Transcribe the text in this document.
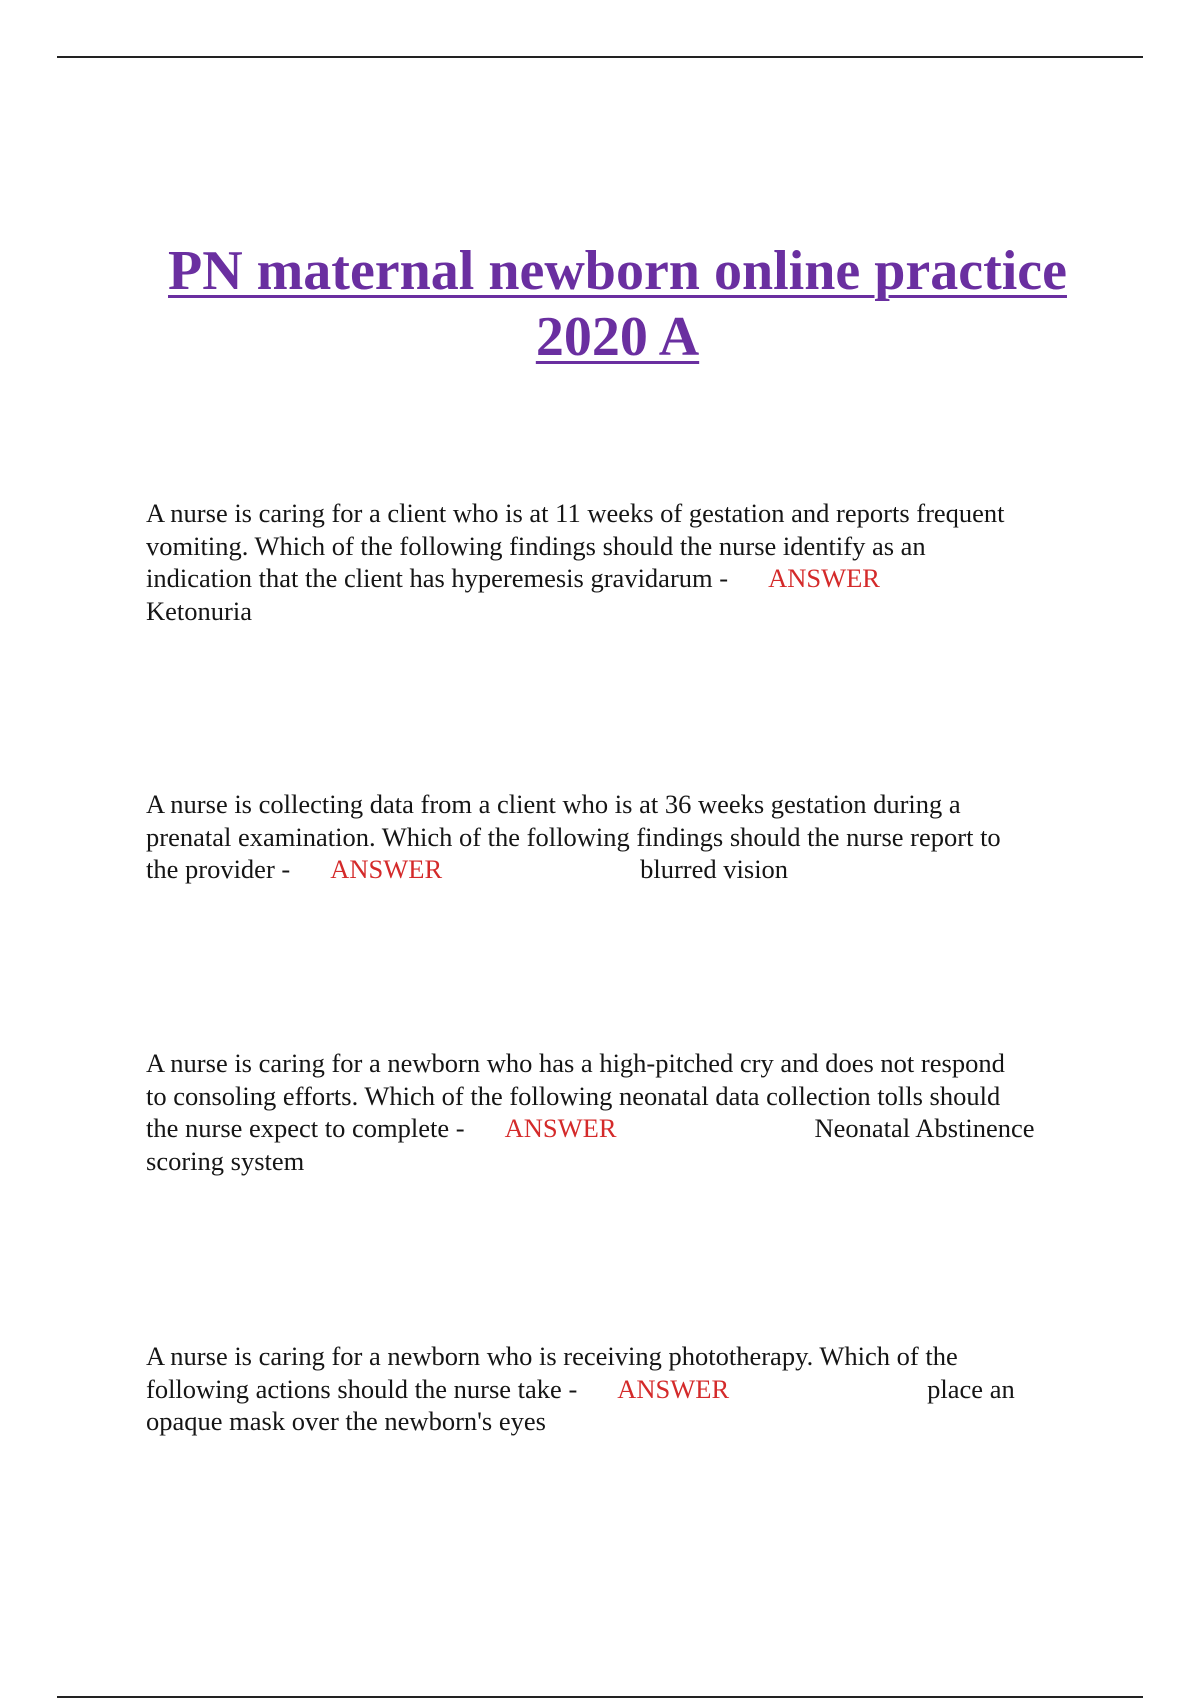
PN maternal newborn online practice
2020 A
A nurse is caring for a client who is at 11 weeks of gestation and reports frequent
vomiting. Which of the following findings should the nurse identify as an
indication that the client has hyperemesis gravidarum - ANSWER
Ketonuria
A nurse is collecting data from a client who is at 36 weeks gestation during a
prenatal examination. Which of the following findings should the nurse report to
the provider - ANSWER	blurred vision
A nurse is caring for a newborn who has a high-pitched cry and does not respond
to consoling efforts. Which of the following neonatal data collection tolls should
the nurse expect to complete - ANSWER	Neonatal Abstinence
scoring system
A nurse is caring for a newborn who is receiving phototherapy. Which of the
following actions should the nurse take - ANSWER	place an
opaque mask over the newborn's eyes
